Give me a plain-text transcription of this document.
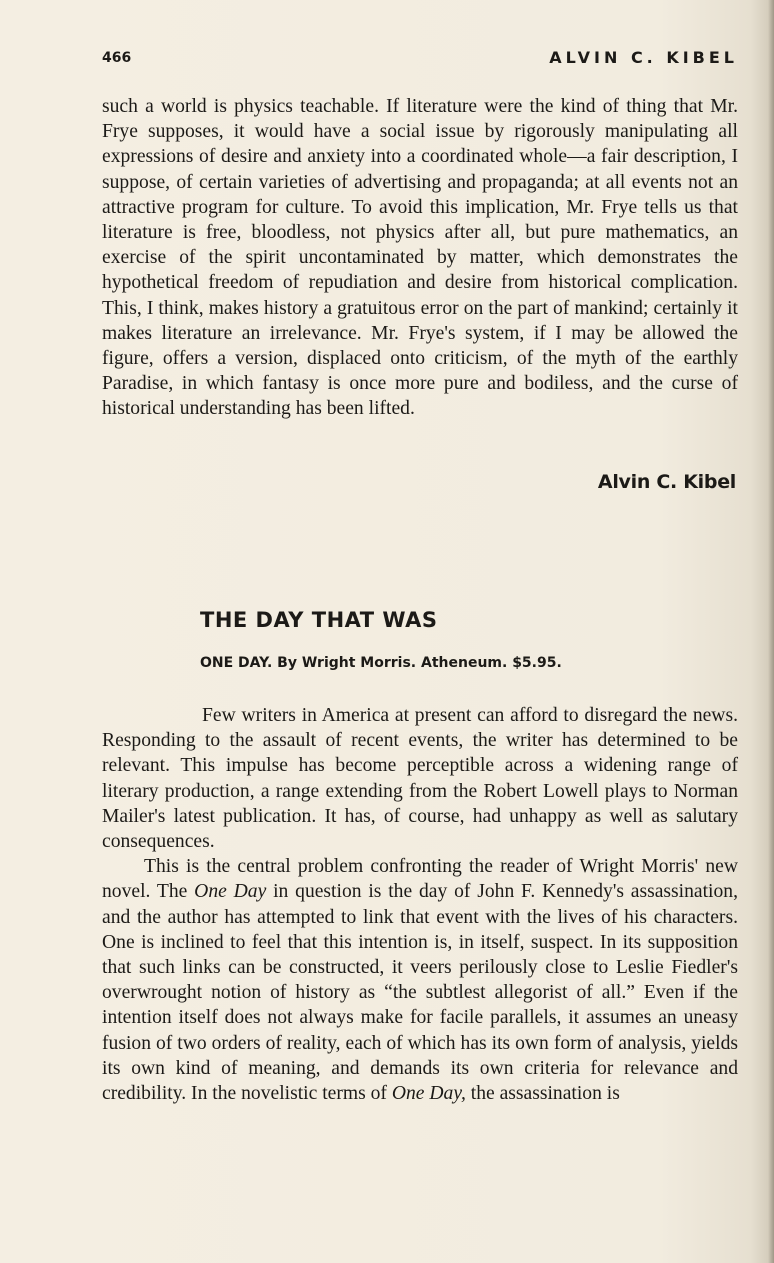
466	ALVIN C. KIBEL

such a world is physics teachable. If literature were the kind of thing that Mr. Frye supposes, it would have a social issue by rigorously manipulating all expressions of desire and anxiety into a coordinated whole—a fair description, I suppose, of certain varieties of advertising and propaganda; at all events not an attractive program for culture. To avoid this implication, Mr. Frye tells us that literature is free, bloodless, not physics after all, but pure mathematics, an exercise of the spirit uncontaminated by matter, which demonstrates the hypothetical freedom of repudiation and desire from historical complication. This, I think, makes history a gratuitous error on the part of mankind; certainly it makes literature an irrelevance. Mr. Frye's system, if I may be allowed the figure, offers a version, displaced onto criticism, of the myth of the earthly Paradise, in which fantasy is once more pure and bodiless, and the curse of historical understanding has been lifted.

Alvin C. Kibel
THE DAY THAT WAS
ONE DAY. By Wright Morris. Atheneum. $5.95.

Few writers in America at present can afford to disregard the news. Responding to the assault of recent events, the writer has determined to be relevant. This impulse has become perceptible across a widening range of literary production, a range extending from the Robert Lowell plays to Norman Mailer's latest publication. It has, of course, had unhappy as well as salutary consequences.

This is the central problem confronting the reader of Wright Morris' new novel. The One Day in question is the day of John F. Kennedy's assassination, and the author has attempted to link that event with the lives of his characters. One is inclined to feel that this intention is, in itself, suspect. In its supposition that such links can be constructed, it veers perilously close to Leslie Fiedler's overwrought notion of history as “the subtlest allegorist of all.” Even if the intention itself does not always make for facile parallels, it assumes an uneasy fusion of two orders of reality, each of which has its own form of analysis, yields its own kind of meaning, and demands its own criteria for relevance and credibility. In the novelistic terms of One Day, the assassination is
